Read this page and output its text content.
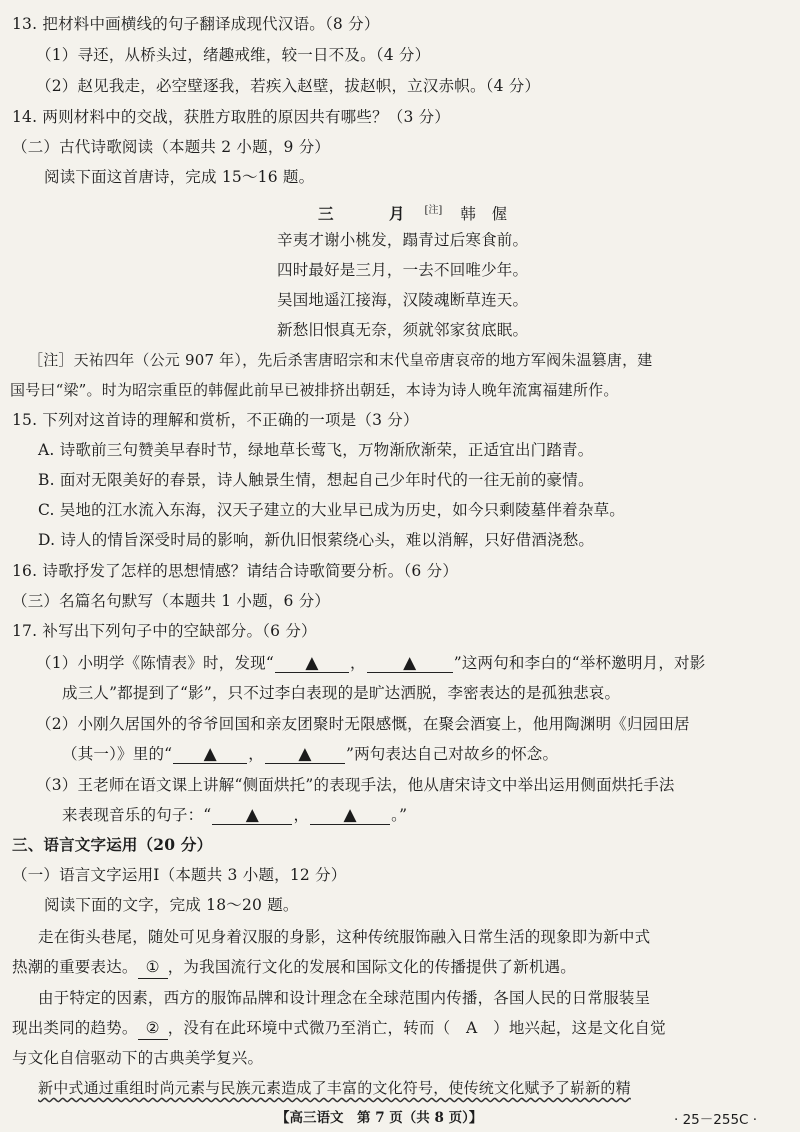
13. 把材料中画横线的句子翻译成现代汉语。（8 分）
（1）寻还，从桥头过，绪趣戒维，较一日不及。（4 分）
（2）赵见我走，必空壁逐我，若疾入赵壁，拔赵帜，立汉赤帜。（4 分）
14. 两则材料中的交战，获胜方取胜的原因共有哪些？（3 分）
（二）古代诗歌阅读（本题共 2 小题，9 分）
阅读下面这首唐诗，完成 15～16 题。
三　月[注] 韩　偓
辛夷才谢小桃发，蹋青过后寒食前。
四时最好是三月，一去不回唯少年。
吴国地遥江接海，汉陵魂断草连天。
新愁旧恨真无奈，须就邻家贫底眠。
［注］天祐四年（公元 907 年），先后杀害唐昭宗和末代皇帝唐哀帝的地方军阀朱温篡唐，建
国号曰“梁”。时为昭宗重臣的韩偓此前早已被排挤出朝廷，本诗为诗人晚年流寓福建所作。
15. 下列对这首诗的理解和赏析，不正确的一项是（3 分）
A. 诗歌前三句赞美早春时节，绿地草长莺飞，万物渐欣渐荣，正适宜出门踏青。
B. 面对无限美好的春景，诗人触景生情，想起自己少年时代的一往无前的豪情。
C. 吴地的江水流入东海，汉天子建立的大业早已成为历史，如今只剩陵墓伴着杂草。
D. 诗人的情旨深受时局的影响，新仇旧恨萦绕心头，难以消解，只好借酒浇愁。
16. 诗歌抒发了怎样的思想情感？请结合诗歌简要分析。（6 分）
（三）名篇名句默写（本题共 1 小题，6 分）
17. 补写出下列句子中的空缺部分。（6 分）
（1）小明学《陈情表》时，发现“ ▲ ， ▲ ”这两句和李白的“举杯邀明月，对影
成三人”都提到了“影”，只不过李白表现的是旷达洒脱，李密表达的是孤独悲哀。
（2）小刚久居国外的爷爷回国和亲友团聚时无限感慨，在聚会酒宴上，他用陶渊明《归园田居
（其一）》里的“ ▲ ， ▲ ”两句表达自己对故乡的怀念。
（3）王老师在语文课上讲解“侧面烘托”的表现手法，他从唐宋诗文中举出运用侧面烘托手法
来表现音乐的句子：“ ▲ ， ▲ 。”
三、语言文字运用（20 分）
（一）语言文字运用Ⅰ（本题共 3 小题，12 分）
阅读下面的文字，完成 18～20 题。
走在街头巷尾，随处可见身着汉服的身影，这种传统服饰融入日常生活的现象即为新中式
热潮的重要表达。 ① ，为我国流行文化的发展和国际文化的传播提供了新机遇。
由于特定的因素，西方的服饰品牌和设计理念在全球范围内传播，各国人民的日常服装呈
现出类同的趋势。 ② ，没有在此环境中式微乃至消亡，转而（　A　）地兴起，这是文化自觉
与文化自信驱动下的古典美学复兴。
新中式通过重组时尚元素与民族元素造成了丰富的文化符号，使传统文化赋予了崭新的精
【高三语文　第 7 页（共 8 页）】	· 25－255C ·
